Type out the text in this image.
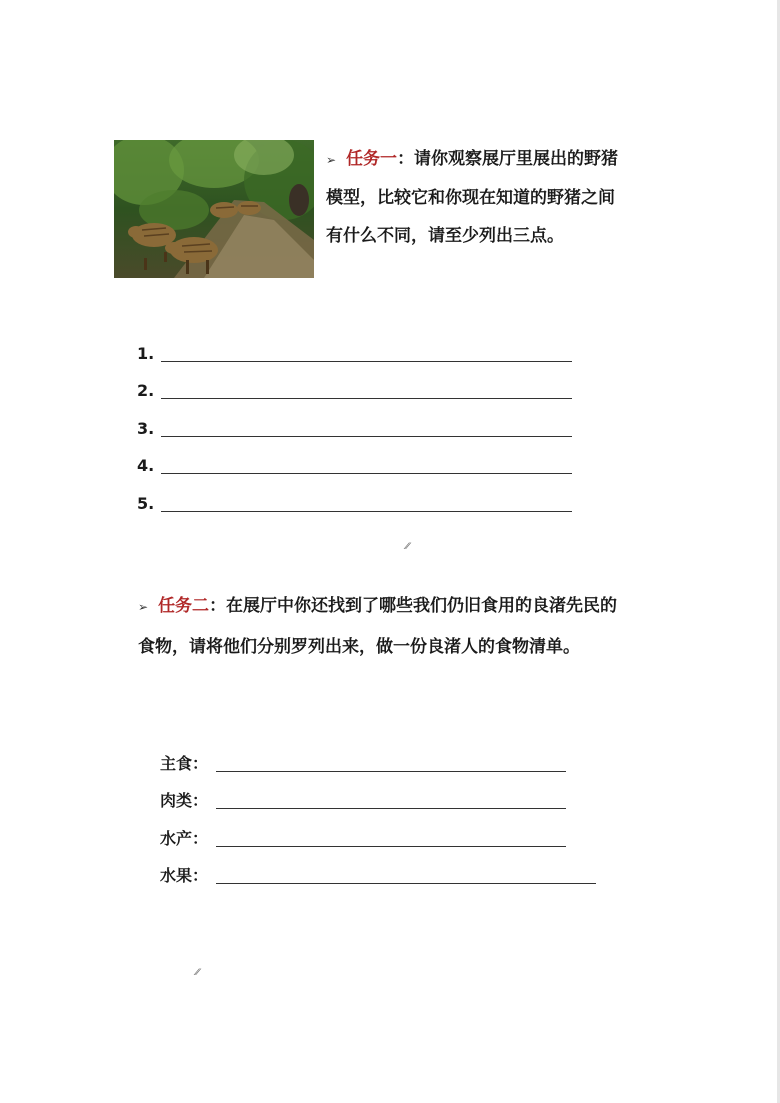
➢ 任务一：请你观察展厅里展出的野猪模型，比较它和你现在知道的野猪之间有什么不同，请至少列出三点。

1.
2.
3.
4.
5.
⁄⁄

➢ 任务二：在展厅中你还找到了哪些我们仍旧食用的良渚先民的食物，请将他们分别罗列出来，做一份良渚人的食物清单。

主食：
肉类：
水产：
水果：
⁄⁄
